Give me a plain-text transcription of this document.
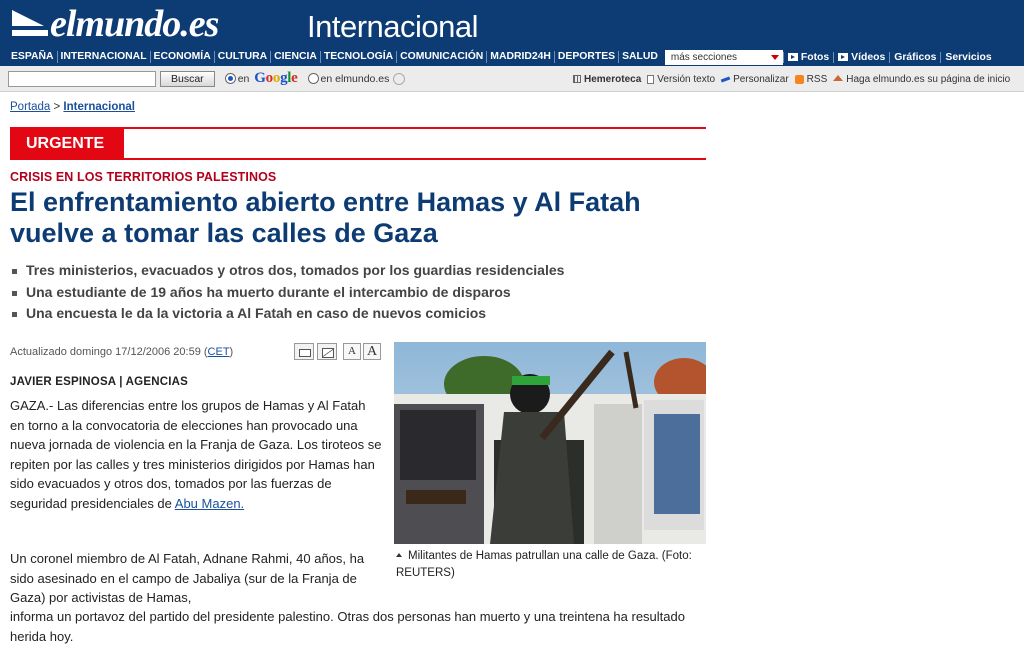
elmundo.es	Internacional
ESPAÑA INTERNACIONAL ECONOMÍA CULTURA CIENCIA TECNOLOGÍA COMUNICACIÓN MADRID24H DEPORTES SALUD	más secciones	Fotos Vídeos Gráficos Servicios
Buscar	en Google en elmundo.es	Hemeroteca Versión texto Personalizar RSS Haga elmundo.es su página de inicio
Portada > Internacional
URGENTE
CRISIS EN LOS TERRITORIOS PALESTINOS
El enfrentamiento abierto entre Hamas y Al Fatah vuelve a tomar las calles de Gaza
Tres ministerios, evacuados y otros dos, tomados por los guardias residenciales
Una estudiante de 19 años ha muerto durante el intercambio de disparos
Una encuesta le da la victoria a Al Fatah en caso de nuevos comicios
Actualizado domingo 17/12/2006 20:59 (CET)	A A
JAVIER ESPINOSA | AGENCIAS

GAZA.- Las diferencias entre los grupos de Hamas y Al Fatah en torno a la convocatoria de elecciones han provocado una nueva jornada de violencia en la Franja de Gaza. Los tiroteos se repiten por las calles y tres ministerios dirigidos por Hamas han sido evacuados y otros dos, tomados por las fuerzas de seguridad presidenciales de Abu Mazen.

Militantes de Hamas patrullan una calle de Gaza. (Foto: REUTERS)

Un coronel miembro de Al Fatah, Adnane Rahmi, 40 años, ha sido asesinado en el campo de Jabaliya (sur de la Franja de Gaza) por activistas de Hamas,

informa un portavoz del partido del presidente palestino. Otras dos personas han muerto y una treintena ha resultado herida hoy.
